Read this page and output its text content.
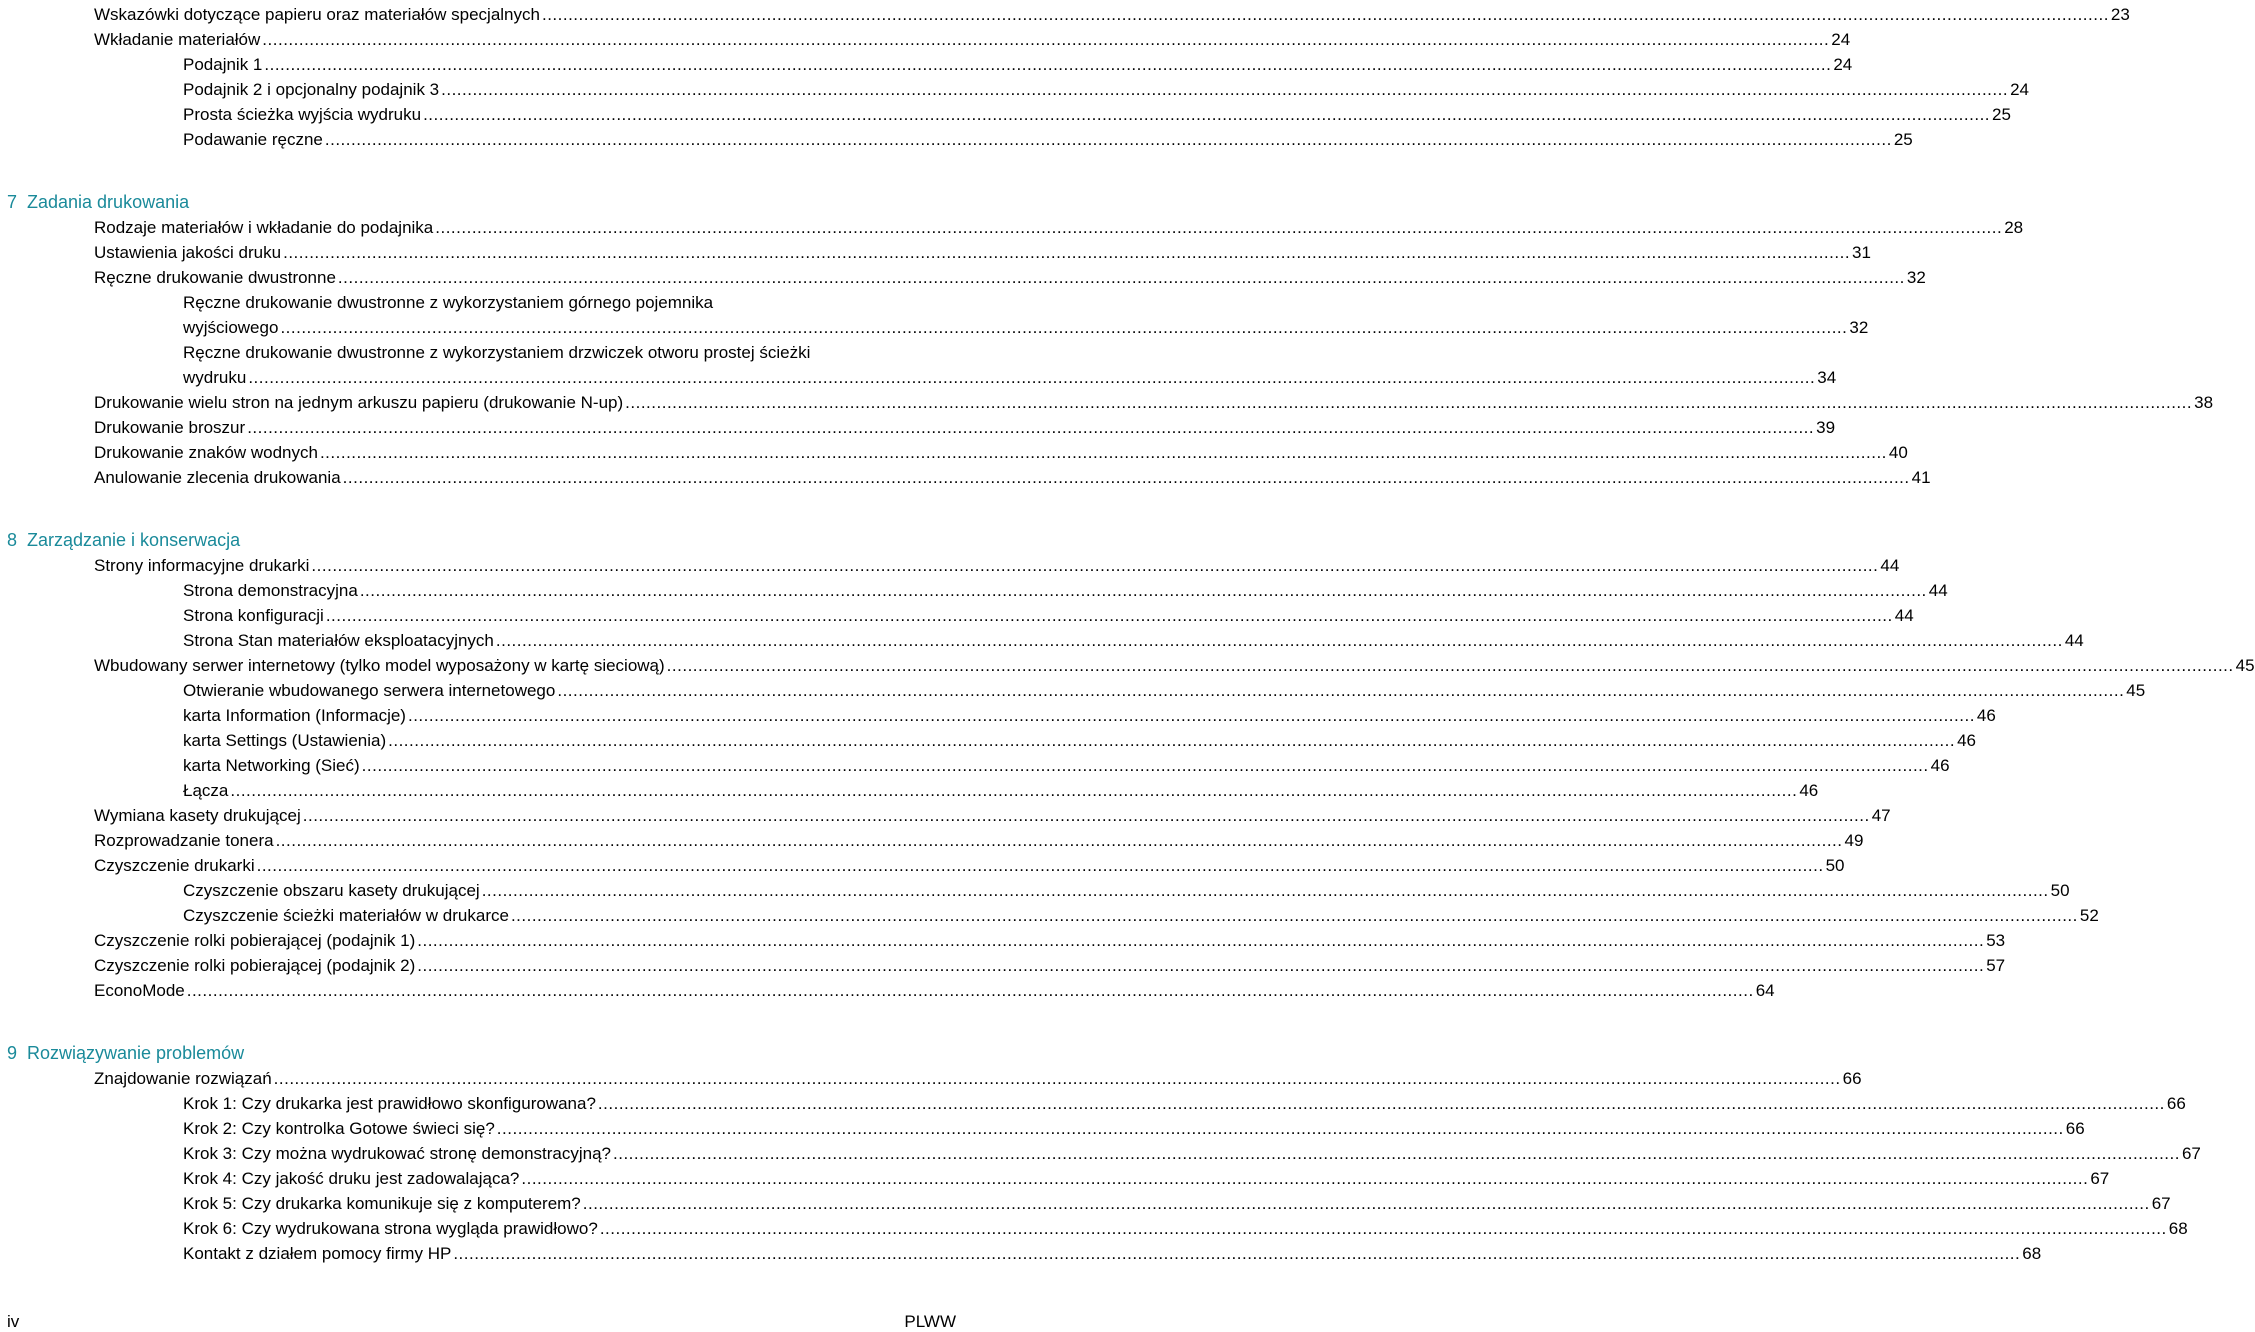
Wskazówki dotyczące papieru oraz materiałów specjalnych ............................................................................................................................................................................................................................................................................................................ 23
Wkładanie materiałów ............................................................................................................................................................................................................................................................................................................ 24
Podajnik 1 ............................................................................................................................................................................................................................................................................................................ 24
Podajnik 2 i opcjonalny podajnik 3 ............................................................................................................................................................................................................................................................................................................ 24
Prosta ścieżka wyjścia wydruku ............................................................................................................................................................................................................................................................................................................ 25
Podawanie ręczne ............................................................................................................................................................................................................................................................................................................ 25
7 Zadania drukowania
Rodzaje materiałów i wkładanie do podajnika ............................................................................................................................................................................................................................................................................................................ 28
Ustawienia jakości druku ............................................................................................................................................................................................................................................................................................................ 31
Ręczne drukowanie dwustronne ............................................................................................................................................................................................................................................................................................................ 32
Ręczne drukowanie dwustronne z wykorzystaniem górnego pojemnika
wyjściowego ............................................................................................................................................................................................................................................................................................................ 32
Ręczne drukowanie dwustronne z wykorzystaniem drzwiczek otworu prostej ścieżki
wydruku ............................................................................................................................................................................................................................................................................................................ 34
Drukowanie wielu stron na jednym arkuszu papieru (drukowanie N-up) ............................................................................................................................................................................................................................................................................................................ 38
Drukowanie broszur ............................................................................................................................................................................................................................................................................................................ 39
Drukowanie znaków wodnych ............................................................................................................................................................................................................................................................................................................ 40
Anulowanie zlecenia drukowania ............................................................................................................................................................................................................................................................................................................ 41
8 Zarządzanie i konserwacja
Strony informacyjne drukarki ............................................................................................................................................................................................................................................................................................................ 44
Strona demonstracyjna ............................................................................................................................................................................................................................................................................................................ 44
Strona konfiguracji ............................................................................................................................................................................................................................................................................................................ 44
Strona Stan materiałów eksploatacyjnych ............................................................................................................................................................................................................................................................................................................ 44
Wbudowany serwer internetowy (tylko model wyposażony w kartę sieciową) ............................................................................................................................................................................................................................................................................................................ 45
Otwieranie wbudowanego serwera internetowego ............................................................................................................................................................................................................................................................................................................ 45
karta Information (Informacje) ............................................................................................................................................................................................................................................................................................................ 46
karta Settings (Ustawienia) ............................................................................................................................................................................................................................................................................................................ 46
karta Networking (Sieć) ............................................................................................................................................................................................................................................................................................................ 46
Łącza ............................................................................................................................................................................................................................................................................................................ 46
Wymiana kasety drukującej ............................................................................................................................................................................................................................................................................................................ 47
Rozprowadzanie tonera ............................................................................................................................................................................................................................................................................................................ 49
Czyszczenie drukarki ............................................................................................................................................................................................................................................................................................................ 50
Czyszczenie obszaru kasety drukującej ............................................................................................................................................................................................................................................................................................................ 50
Czyszczenie ścieżki materiałów w drukarce ............................................................................................................................................................................................................................................................................................................ 52
Czyszczenie rolki pobierającej (podajnik 1) ............................................................................................................................................................................................................................................................................................................ 53
Czyszczenie rolki pobierającej (podajnik 2) ............................................................................................................................................................................................................................................................................................................ 57
EconoMode ............................................................................................................................................................................................................................................................................................................ 64
9 Rozwiązywanie problemów
Znajdowanie rozwiązań ............................................................................................................................................................................................................................................................................................................ 66
Krok 1: Czy drukarka jest prawidłowo skonfigurowana? ............................................................................................................................................................................................................................................................................................................ 66
Krok 2: Czy kontrolka Gotowe świeci się? ............................................................................................................................................................................................................................................................................................................ 66
Krok 3: Czy można wydrukować stronę demonstracyjną? ............................................................................................................................................................................................................................................................................................................ 67
Krok 4: Czy jakość druku jest zadowalająca? ............................................................................................................................................................................................................................................................................................................ 67
Krok 5: Czy drukarka komunikuje się z komputerem? ............................................................................................................................................................................................................................................................................................................ 67
Krok 6: Czy wydrukowana strona wygląda prawidłowo? ............................................................................................................................................................................................................................................................................................................ 68
Kontakt z działem pomocy firmy HP ............................................................................................................................................................................................................................................................................................................ 68
iv	PLWW
